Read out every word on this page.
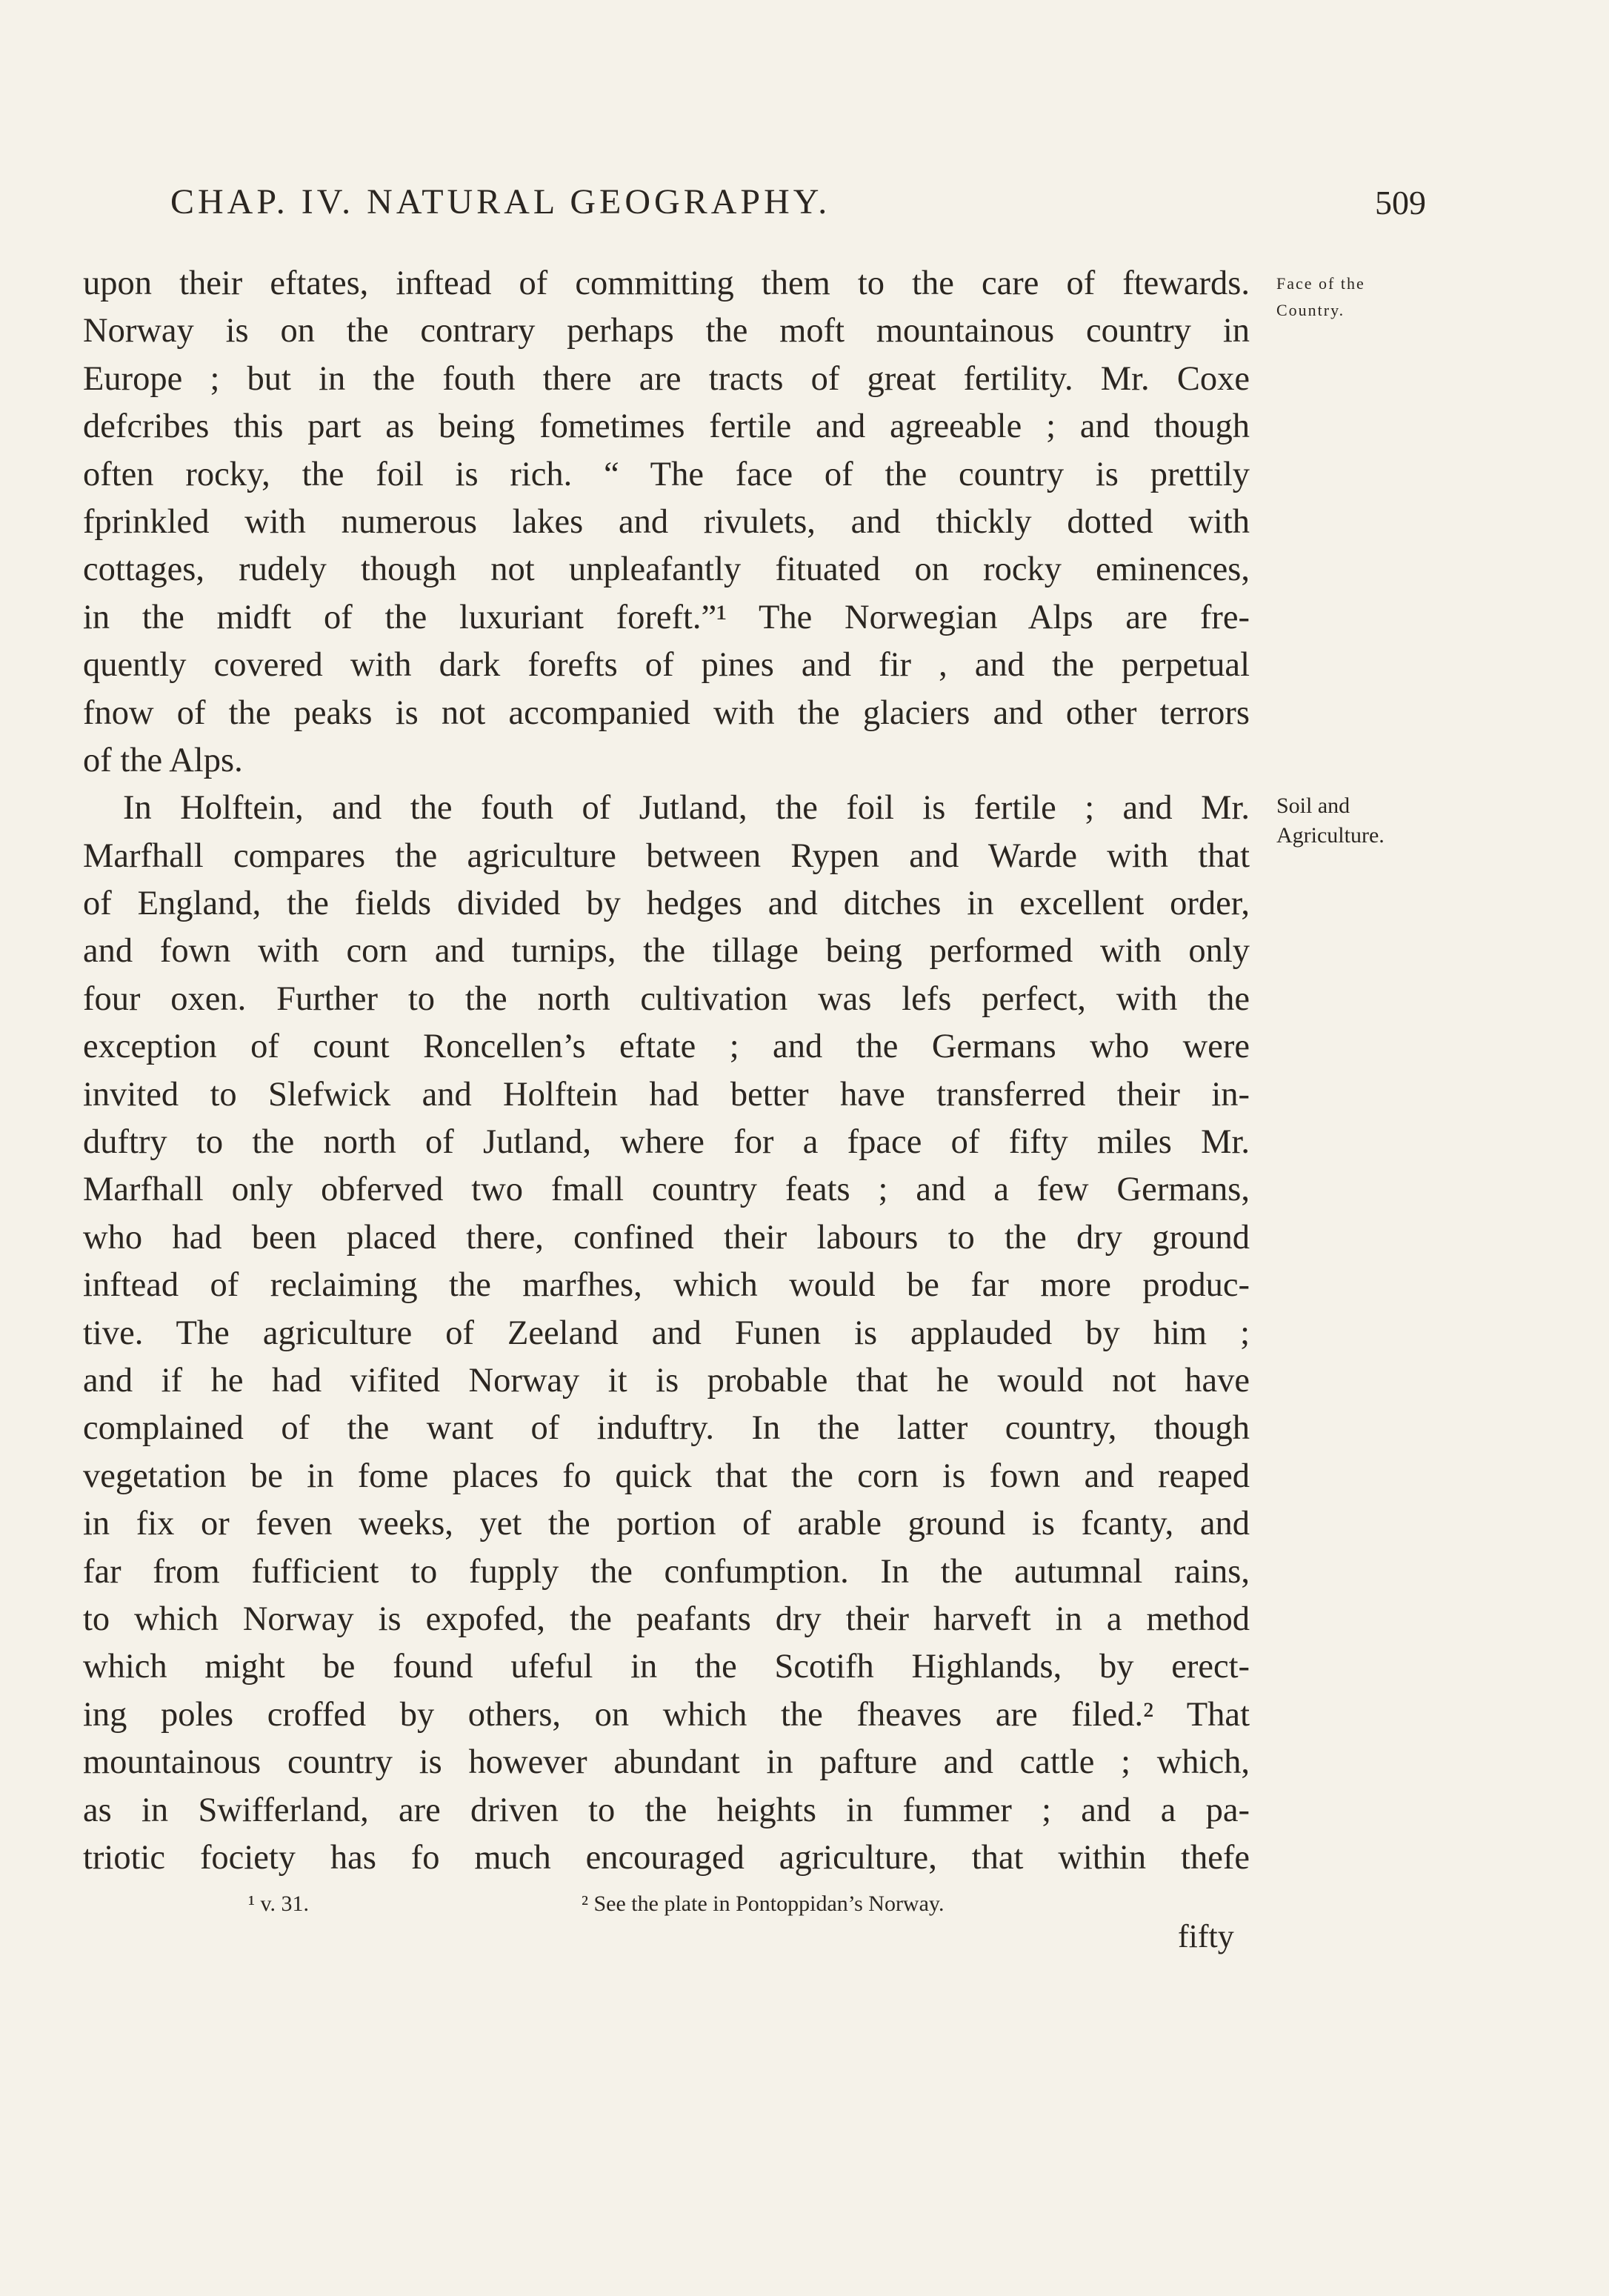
CHAP. IV. NATURAL GEOGRAPHY.	509
Face of the
Country.
Soil and
Agriculture.
upon their eftates, inftead of committing them to the care of ftewards.
Norway is on the contrary perhaps the moft mountainous country in
Europe ; but in the fouth there are tracts of great fertility. Mr. Coxe
defcribes this part as being fometimes fertile and agreeable ; and though
often rocky, the foil is rich. “ The face of the country is prettily
fprinkled with numerous lakes and rivulets, and thickly dotted with
cottages, rudely though not unpleafantly fituated on rocky eminences,
in the midft of the luxuriant foreft.”¹ The Norwegian Alps are fre-
quently covered with dark forefts of pines and fir , and the perpetual
fnow of the peaks is not accompanied with the glaciers and other terrors
of the Alps.
In Holftein, and the fouth of Jutland, the foil is fertile ; and Mr.
Marfhall compares the agriculture between Rypen and Warde with that
of England, the fields divided by hedges and ditches in excellent order,
and fown with corn and turnips, the tillage being performed with only
four oxen. Further to the north cultivation was lefs perfect, with the
exception of count Roncellen’s eftate ; and the Germans who were
invited to Slefwick and Holftein had better have transferred their in-
duftry to the north of Jutland, where for a fpace of fifty miles Mr.
Marfhall only obferved two fmall country feats ; and a few Germans,
who had been placed there, confined their labours to the dry ground
inftead of reclaiming the marfhes, which would be far more produc-
tive. The agriculture of Zeeland and Funen is applauded by him ;
and if he had vifited Norway it is probable that he would not have
complained of the want of induftry. In the latter country, though
vegetation be in fome places fo quick that the corn is fown and reaped
in fix or feven weeks, yet the portion of arable ground is fcanty, and
far from fufficient to fupply the confumption. In the autumnal rains,
to which Norway is expofed, the peafants dry their harveft in a method
which might be found ufeful in the Scotifh Highlands, by erect-
ing poles croffed by others, on which the fheaves are filed.² That
mountainous country is however abundant in pafture and cattle ; which,
as in Swifferland, are driven to the heights in fummer ; and a pa-
triotic fociety has fo much encouraged agriculture, that within thefe
¹ v. 31.	² See the plate in Pontoppidan’s Norway.
fifty
